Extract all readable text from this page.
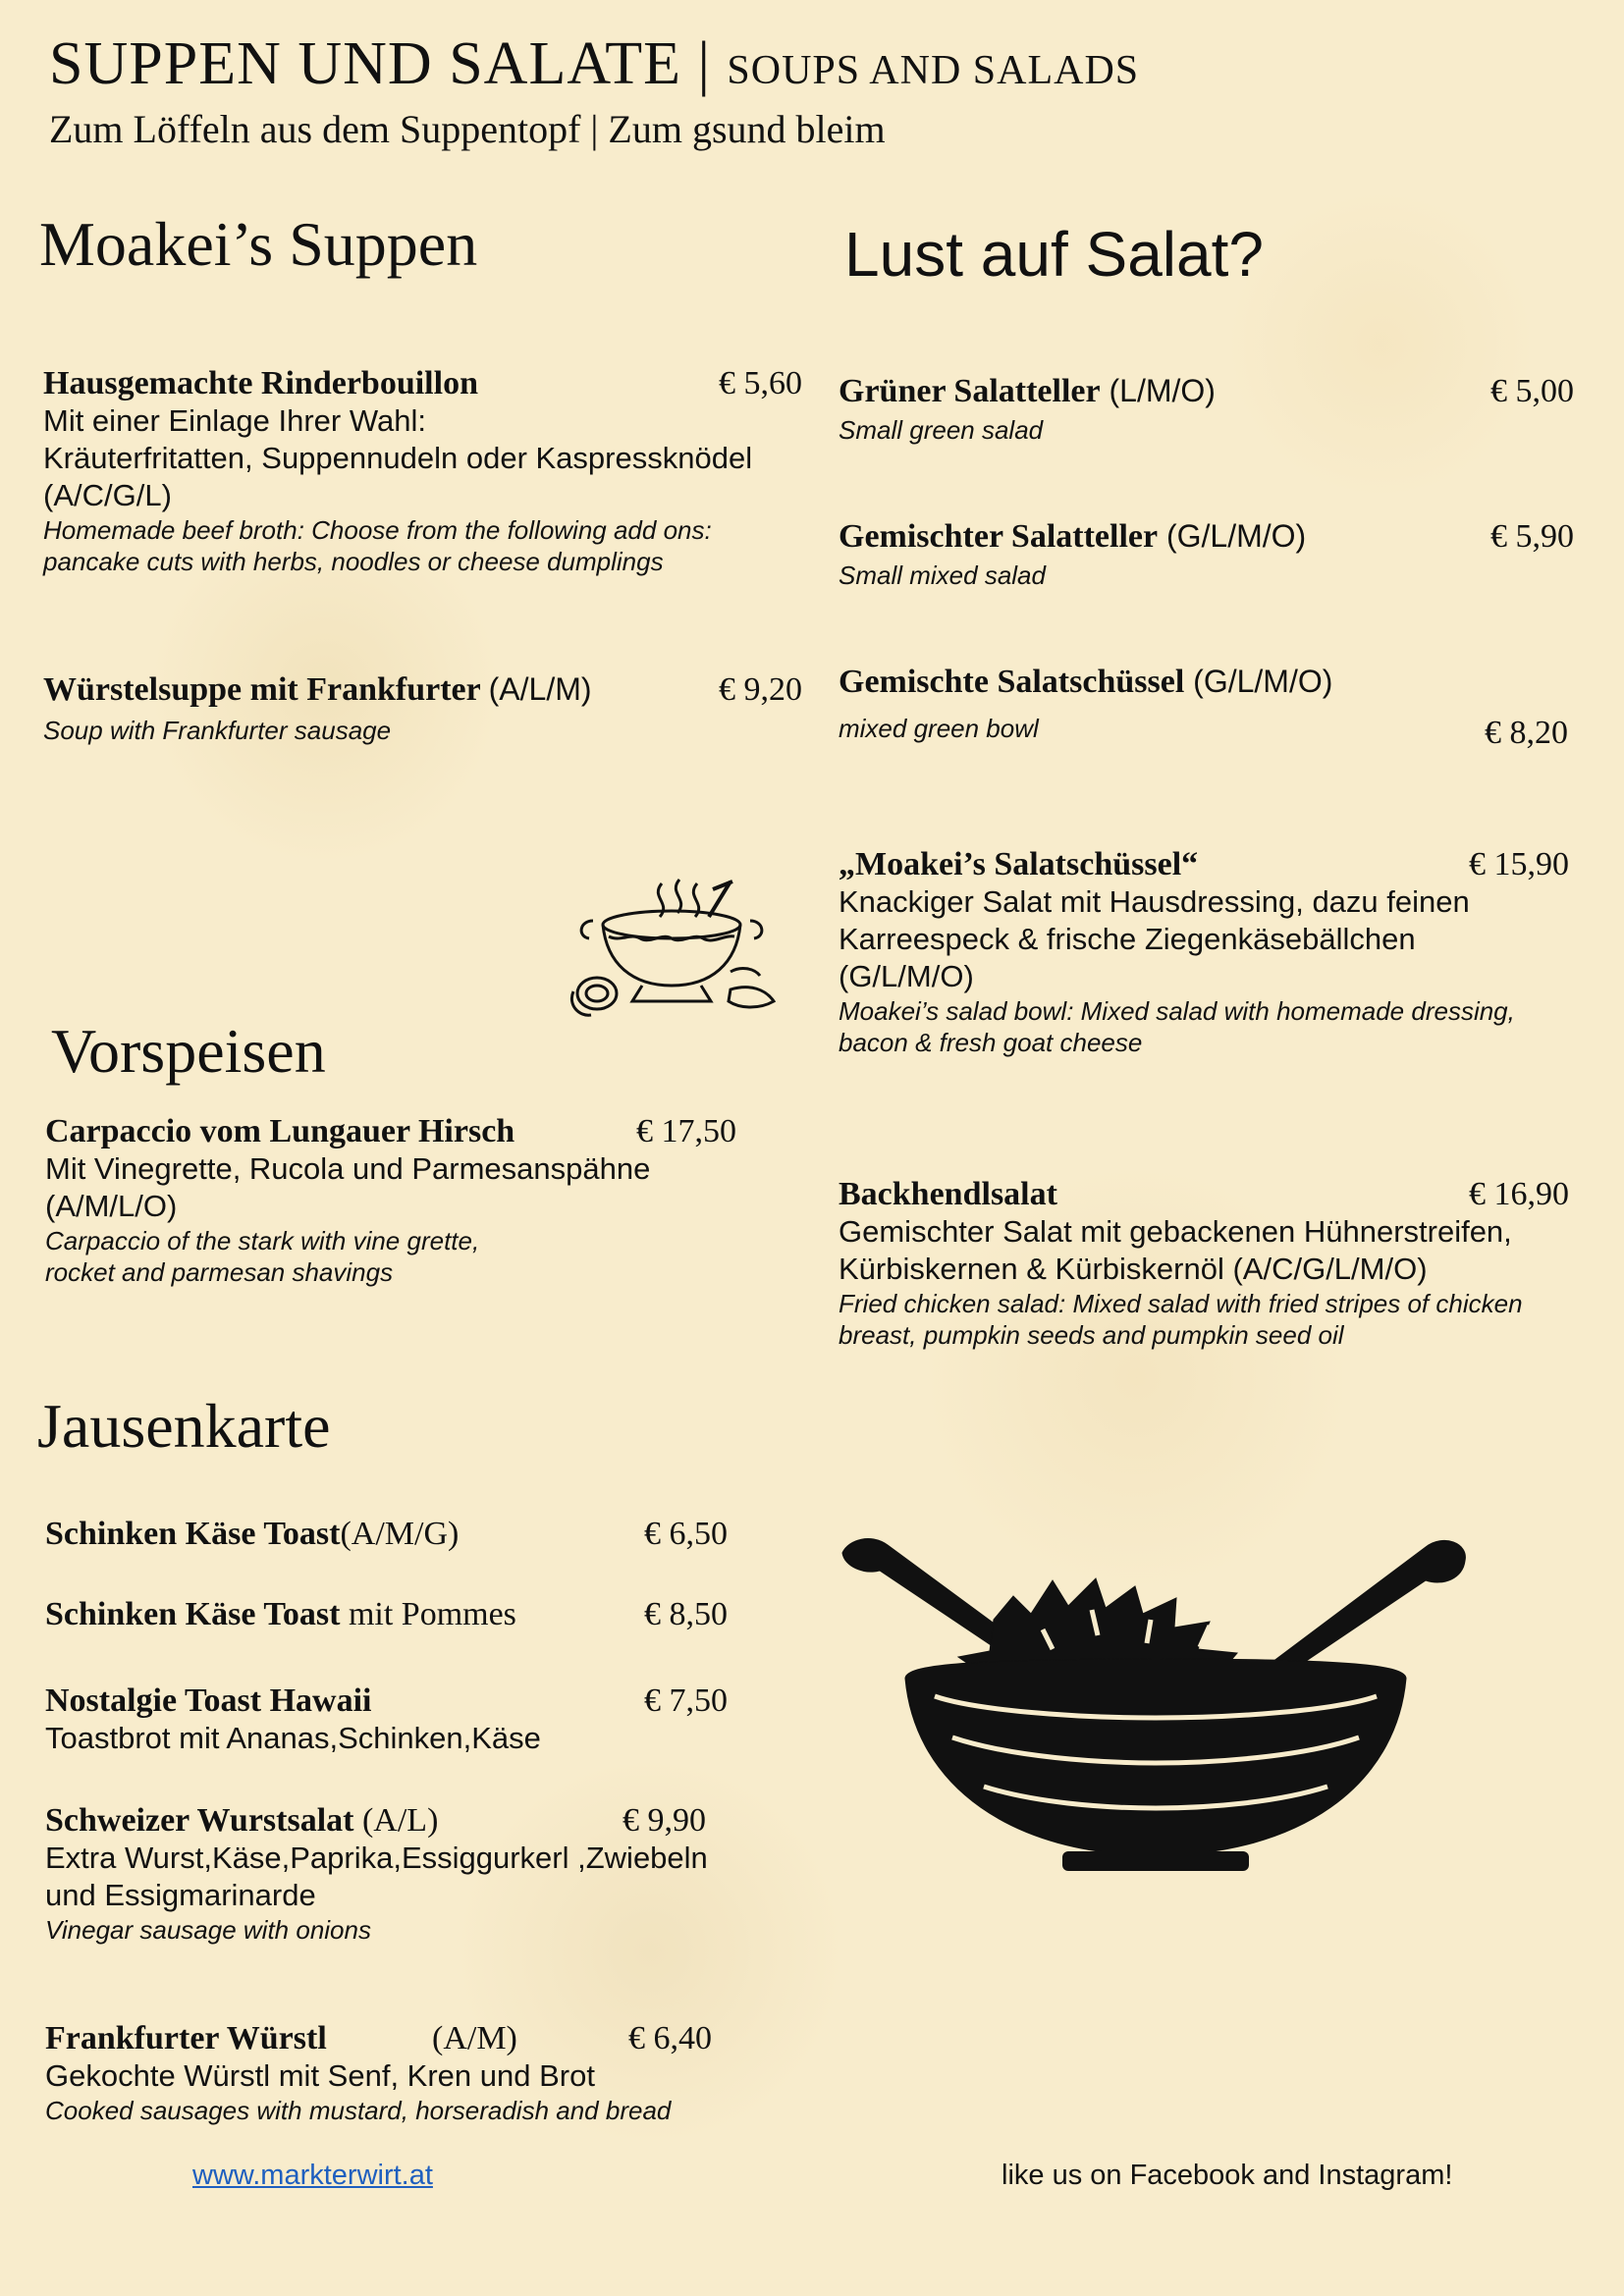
SUPPEN UND SALATE | SOUPS AND SALADS
Zum Löffeln aus dem Suppentopf | Zum gsund bleim
Moakei’s Suppen
Hausgemachte Rinderbouillon	€ 5,60
Mit einer Einlage Ihrer Wahl:
Kräuterfritatten, Suppennudeln oder Kaspressknödel
(A/C/G/L)
Homemade beef broth: Choose from the following add ons:
pancake cuts with herbs, noodles or cheese dumplings
Würstelsuppe mit Frankfurter (A/L/M)	€ 9,20
Soup with Frankfurter sausage
Vorspeisen
Carpaccio vom Lungauer Hirsch	€ 17,50
Mit Vinegrette, Rucola und Parmesanspähne
(A/M/L/O)
Carpaccio of the stark with vine grette,
rocket and parmesan shavings
Jausenkarte
Schinken Käse Toast(A/M/G)	€ 6,50
Schinken Käse Toast mit Pommes	€ 8,50
Nostalgie Toast Hawaii	€ 7,50
Toastbrot mit Ananas,Schinken,Käse
Schweizer Wurstsalat (A/L)	€ 9,90
Extra Wurst,Käse,Paprika,Essiggurkerl ,Zwiebeln
und Essigmarinarde
Vinegar sausage with onions
Frankfurter Würstl	(A/M)	€ 6,40
Gekochte Würstl mit Senf, Kren und Brot
Cooked sausages with mustard, horseradish and bread
Lust auf Salat?
Grüner Salatteller (L/M/O)	€ 5,00
Small green salad
Gemischter Salatteller (G/L/M/O)	€ 5,90
Small mixed salad
Gemischte Salatschüssel (G/L/M/O)
mixed green bowl	€ 8,20
„Moakei’s Salatschüssel“	€ 15,90
Knackiger Salat mit Hausdressing, dazu feinen
Karreespeck & frische Ziegenkäsebällchen
(G/L/M/O)
Moakei’s salad bowl: Mixed salad with homemade dressing,
bacon & fresh goat cheese
Backhendlsalat	€ 16,90
Gemischter Salat mit gebackenen Hühnerstreifen,
Kürbiskernen & Kürbiskernöl (A/C/G/L/M/O)
Fried chicken salad: Mixed salad with fried stripes of chicken
breast, pumpkin seeds and pumpkin seed oil
www.markterwirt.at	like us on Facebook and Instagram!
